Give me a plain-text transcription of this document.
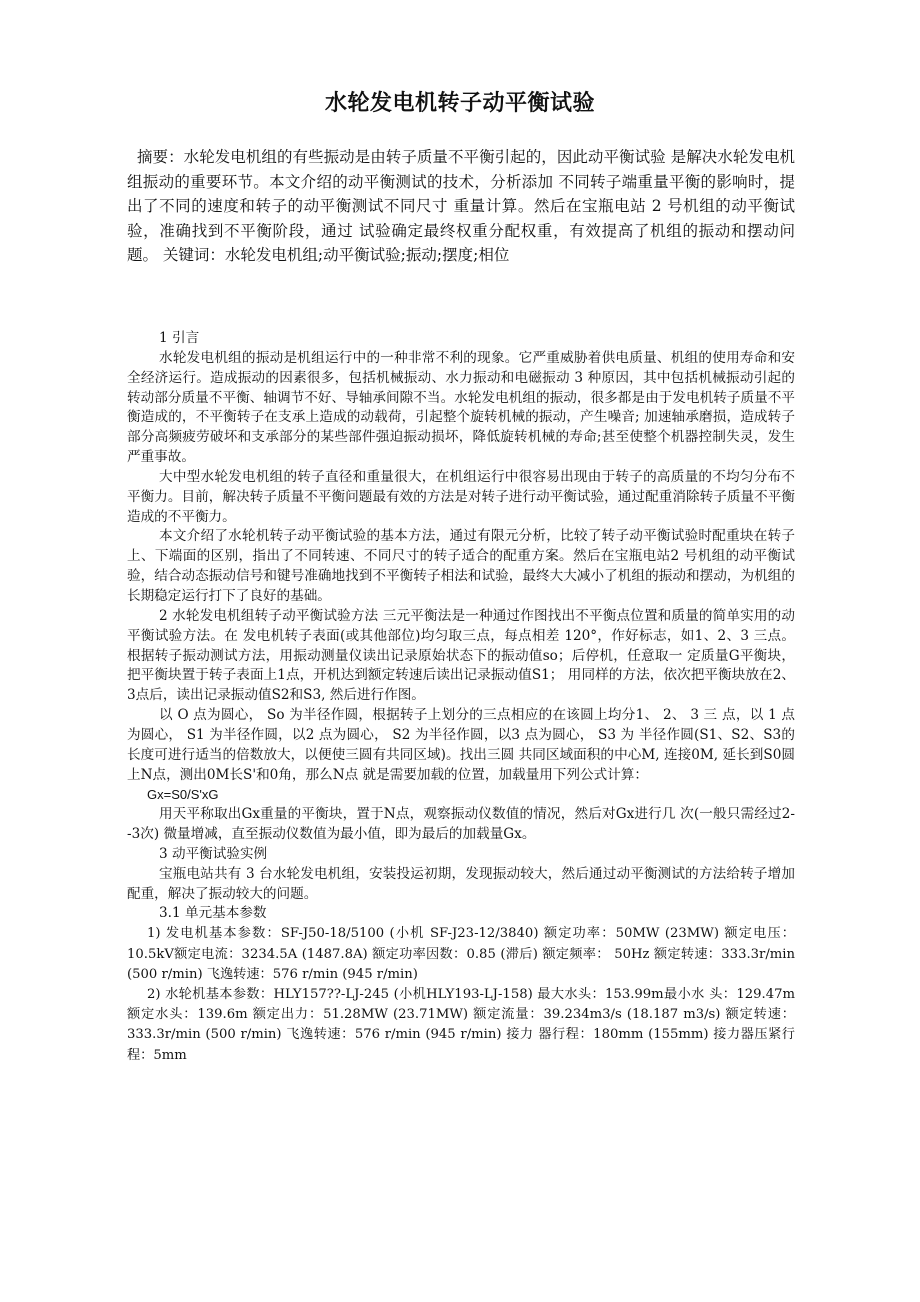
水轮发电机转子动平衡试验

摘要：水轮发电机组的有些振动是由转子质量不平衡引起的，因此动平衡试验 是解决水轮发电机组振动的重要环节。本文介绍的动平衡测试的技术，分析添加 不同转子端重量平衡的影响时，提出了不同的速度和转子的动平衡测试不同尺寸 重量计算。然后在宝瓶电站 2 号机组的动平衡试验，准确找到不平衡阶段，通过 试验确定最终权重分配权重，有效提高了机组的振动和摆动问题。 关键词：水轮发电机组;动平衡试验;振动;摆度;相位

1 引言

水轮发电机组的振动是机组运行中的一种非常不利的现象。它严重威胁着供电质量、机组的使用寿命和安全经济运行。造成振动的因素很多，包括机械振动、水力振动和电磁振动 3 种原因，其中包括机械振动引起的转动部分质量不平衡、轴调节不好、导轴承间隙不当。水轮发电机组的振动，很多都是由于发电机转子质量不平衡造成的，不平衡转子在支承上造成的动载荷，引起整个旋转机械的振动，产生噪音; 加速轴承磨损，造成转子部分高频疲劳破坏和支承部分的某些部件强迫振动损坏，降低旋转机械的寿命;甚至使整个机器控制失灵，发生严重事故。

大中型水轮发电机组的转子直径和重量很大，在机组运行中很容易出现由于转子的高质量的不均匀分布不平衡力。目前，解决转子质量不平衡问题最有效的方法是对转子进行动平衡试验，通过配重消除转子质量不平衡造成的不平衡力。

本文介绍了水轮机转子动平衡试验的基本方法，通过有限元分析，比较了转子动平衡试验时配重块在转子上、下端面的区别，指出了不同转速、不同尺寸的转子适合的配重方案。然后在宝瓶电站2 号机组的动平衡试验，结合动态振动信号和键号准确地找到不平衡转子相法和试验，最终大大减小了机组的振动和摆动，为机组的长期稳定运行打下了良好的基础。

2 水轮发电机组转子动平衡试验方法 三元平衡法是一种通过作图找出不平衡点位置和质量的简单实用的动平衡试验方法。在 发电机转子表面(或其他部位)均匀取三点，每点相差 120°，作好标志，如1、2、3 三点。 根据转子振动测试方法，用振动测量仪读出记录原始状态下的振动值so；后停机，任意取一 定质量G平衡块，把平衡块置于转子表面上1点，开机达到额定转速后读出记录振动值S1； 用同样的方法，依次把平衡块放在2、3点后，读出记录振动值S2和S3, 然后进行作图。

以 O 点为圆心， So 为半径作圆，根据转子上划分的三点相应的在该圆上均分1、 2、 3 三 点，以 1 点为圆心， S1 为半径作圆，以2 点为圆心， S2 为半径作圆，以3 点为圆心， S3 为 半径作圆(S1、S2、S3的长度可进行适当的倍数放大，以便使三圆有共同区域)。找出三圆 共同区域面积的中心M, 连接0M, 延长到S0圆上N点，测出0M长S'和0角，那么N点 就是需要加载的位置，加载量用下列公式计算：

Gx=S0/S'xG

用天平称取出Gx重量的平衡块，置于N点，观察振动仪数值的情况，然后对Gx进行几 次(一般只需经过2--3次) 微量增减，直至振动仪数值为最小值，即为最后的加载量Gx。

3 动平衡试验实例

宝瓶电站共有 3 台水轮发电机组，安装投运初期，发现振动较大，然后通过动平衡测试的方法给转子增加配重，解决了振动较大的问题。

3.1 单元基本参数

1) 发电机基本参数：SF-J50-18/5100 (小机 SF-J23-12/3840) 额定功率：50MW (23MW) 额定电压：10.5kV额定电流：3234.5A (1487.8A) 额定功率因数：0.85 (滞后) 额定频率： 50Hz 额定转速：333.3r/min (500 r/min) 飞逸转速：576 r/min (945 r/min)

2) 水轮机基本参数：HLY157??-LJ-245 (小机HLY193-LJ-158) 最大水头：153.99m最小水 头：129.47m 额定水头：139.6m 额定出力：51.28MW (23.71MW) 额定流量：39.234m3/s (18.187 m3/s) 额定转速：333.3r/min (500 r/min) 飞逸转速：576 r/min (945 r/min) 接力 器行程：180mm (155mm) 接力器压紧行程：5mm
